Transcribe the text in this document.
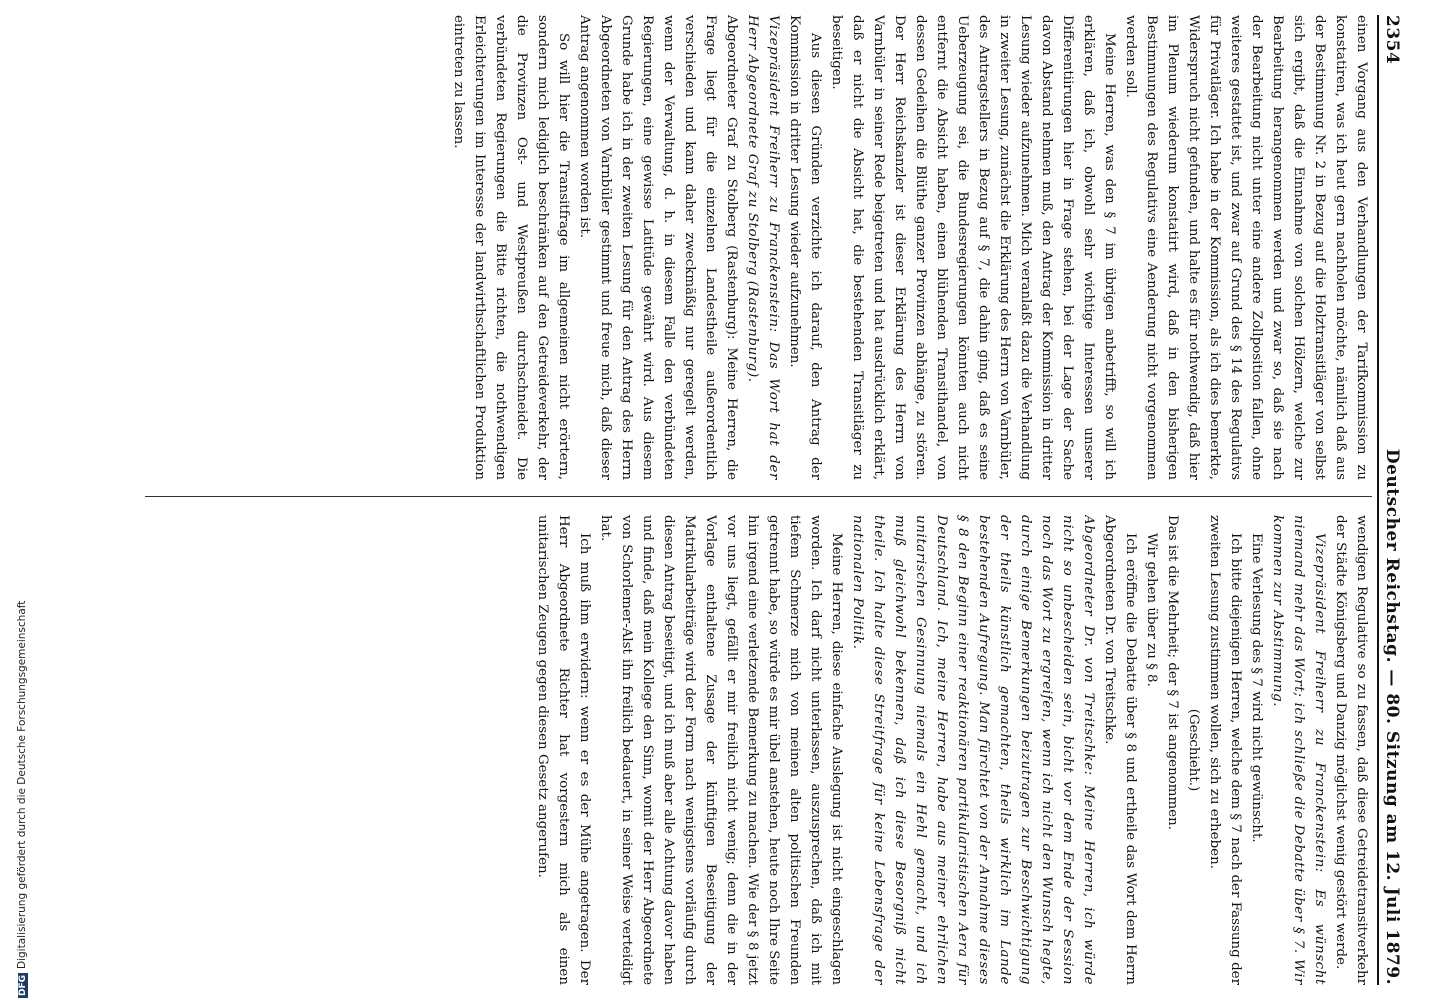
DFGDigitalisierung gefördert durch die Deutsche Forschungsgemeinschaft
2354
Deutscher Reichstag. — 80. Sitzung am 12. Juli 1879.

einen Vorgang aus den Verhandlungen der Tarifkommission zu konstatiren, was ich heut gern nachholen möchte, nämlich daß aus der Bestimmung Nr. 2 in Bezug auf die Holztransitläger von selbst sich ergibt, daß die Einnahme von solchen Hölzern, welche zur Bearbeitung herangenommen werden und zwar so, daß sie nach der Bearbeitung nicht unter eine andere Zollposition fallen, ohne weiteres gestattet ist, und zwar auf Grund des § 14 des Regulativs für Privatläger. Ich habe in der Kommission, als ich dies bemerkte, Widerspruch nicht gefunden, und halte es für nothwendig, daß hier im Plenum wiederum konstatirt wird, daß in den bisherigen Bestimmungen des Regulativs eine Aenderung nicht vorgenommen werden soll.

Meine Herren, was den § 7 im übrigen anbetrifft, so will ich erklären, daß ich, obwohl sehr wichtige Interessen unserer Differentiirungen hier in Frage stehen, bei der Lage der Sache davon Abstand nehmen muß, den Antrag der Kommission in dritter Lesung wieder aufzunehmen. Mich veranlaßt dazu die Verhandlung in zweiter Lesung, zunächst die Erklärung des Herrn von Varnbüler, des Antragstellers in Bezug auf § 7, die dahin ging, daß es seine Ueberzeugung sei, die Bundesregierungen könnten auch nicht entfernt die Absicht haben, einen blühenden Transithandel, von dessen Gedeihen die Blüthe ganzer Provinzen abhänge, zu stören. Der Herr Reichskanzler ist dieser Erklärung des Herrn von Varnbüler in seiner Rede beigetreten und hat ausdrücklich erklärt, daß er nicht die Absicht hat, die bestehenden Transitläger zu beseitigen.

Aus diesen Gründen verzichte ich darauf, den Antrag der Kommission in dritter Lesung wieder aufzunehmen.

Vizepräsident Freiherr zu Franckenstein: Das Wort hat der Herr Abgeordnete Graf zu Stolberg (Rastenburg).

Abgeordneter Graf zu Stolberg (Rastenburg): Meine Herren, die Frage liegt für die einzelnen Landestheile außerordentlich verschieden und kann daher zweckmäßig nur geregelt werden, wenn der Verwaltung, d. h. in diesem Falle den verbündeten Regierungen, eine gewisse Latitüde gewährt wird. Aus diesem Grunde habe ich in der zweiten Lesung für den Antrag des Herrn Abgeordneten von Varnbüler gestimmt und freue mich, daß dieser Antrag angenommen worden ist.

So will hier die Transitfrage im allgemeinen nicht erörtern, sondern mich lediglich beschränken auf den Getreideverkehr, der die Provinzen Ost- und Westpreußen durchschneidet. Die verbündeten Regierungen die Bitte richten, die nothwendigen Erleichterungen im Interesse der landwirthschaftlichen Produktion eintreten zu lassen.

wendigen Regulative so zu fassen, daß diese Getreidetransitverkehr der Städte Königsberg und Danzig möglichst wenig gestört werde.

Vizepräsident Freiherr zu Franckenstein: Es wünscht niemand mehr das Wort; ich schließe die Debatte über § 7. Wir kommen zur Abstimmung.

Eine Verlesung des § 7 wird nicht gewünscht.

Ich bitte diejenigen Herren, welche dem § 7 nach der Fassung der zweiten Lesung zustimmen wollen, sich zu erheben.

(Geschieht.)

Das ist die Mehrheit; der § 7 ist angenommen.

Wir gehen über zu § 8.

Ich eröffne die Debatte über § 8 und ertheile das Wort dem Herrn Abgeordneten Dr. von Treitschke.

Abgeordneter Dr. von Treitschke: Meine Herren, ich würde nicht so unbescheiden sein, bicht vor dem Ende der Session noch das Wort zu ergreifen, wenn ich nicht den Wunsch hegte, durch einige Bemerkungen beizutragen zur Beschwichtigung der theils künstlich gemachten, theils wirklich im Lande bestehenden Aufregung. Man fürchtet von der Annahme dieses § 8 den Beginn einer reaktionären partikularistischen Aera für Deutschland. Ich, meine Herren, habe aus meiner ehrlichen unitarischen Gesinnung niemals ein Hehl gemacht, und ich muß gleichwohl bekennen, daß ich diese Besorgniß nicht theile. Ich halte diese Streitfrage für keine Lebensfrage der nationalen Politik.

Meine Herren, diese einfache Auslegung ist nicht eingeschlagen worden. Ich darf nicht unterlassen, auszusprechen, daß ich mit tiefem Schmerze mich von meinen alten politischen Freunden getrennt habe, so würde es mir übel anstehen, heute noch Ihre Seite hin irgend eine verletzende Bemerkung zu machen. Wie der § 8 jetzt vor uns liegt, gefällt er mir freilich nicht wenig; denn die in der Vorlage enthaltene Zusage der künftigen Beseitigung der Matrikularbeiträge wird der Form nach wenigstens vorläufig durch diesen Antrag beseitigt, und ich muß aber alle Achtung davor haben und finde, daß mein Kollege den Sinn, womit der Herr Abgeordnete von Schorlemer-Alst ihn freilich bedauert, in seiner Weise verteidigt hat.

Ich muß ihm erwidern: wenn er es der Mühe angetragen. Der Herr Abgeordnete Richter hat vorgestern mich als einen unitarischen Zeugen gegen diesen Gesetz angerufen.
